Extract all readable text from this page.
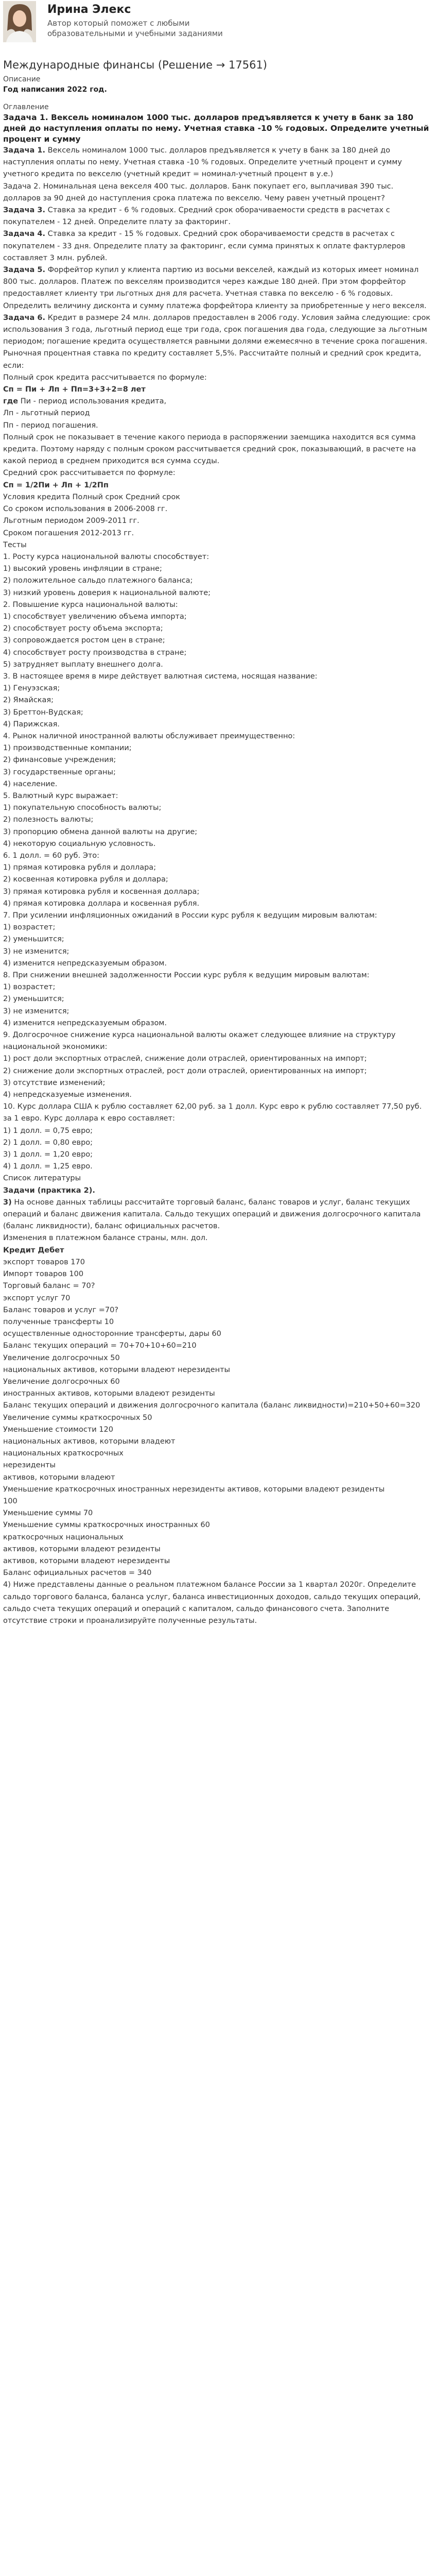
Ирина Элекс
Автор который поможет с любыми образовательными и учебными заданиями
Международные финансы (Решение → 17561)
Описание
Год написания 2022 год.
Оглавление
Задача 1. Вексель номиналом 1000 тыс. долларов предъявляется к учету в банк за 180 дней до наступления оплаты по нему. Учетная ставка -10 % годовых. Определите учетный процент и сумму

Задача 1. Вексель номиналом 1000 тыс. долларов предъявляется к учету в банк за 180 дней до наступления оплаты по нему. Учетная ставка -10 % годовых. Определите учетный процент и сумму учетного кредита по векселю (учетный кредит = номинал-учетный процент в у.е.)

Задача 2. Номинальная цена векселя 400 тыс. долларов. Банк покупает его, выплачивая 390 тыс. долларов за 90 дней до наступления срока платежа по векселю. Чему равен учетный процент?

Задача 3. Ставка за кредит - 6 % годовых. Средний срок оборачиваемости средств в расчетах с покупателем - 12 дней. Определите плату за факторинг.

Задача 4. Ставка за кредит - 15 % годовых. Средний срок оборачиваемости средств в расчетах с покупателем - 33 дня. Определите плату за факторинг, если сумма принятых к оплате фактурлеров составляет 3 млн. рублей.

Задача 5. Форфейтор купил у клиента партию из восьми векселей, каждый из которых имеет номинал 800 тыс. долларов. Платеж по векселям производится через каждые 180 дней. При этом форфейтор предоставляет клиенту три льготных дня для расчета. Учетная ставка по векселю - 6 % годовых. Определить величину дисконта и сумму платежа форфейтора клиенту за приобретенные у него векселя.

Задача 6. Кредит в размере 24 млн. долларов предоставлен в 2006 году. Условия займа следующие: срок использования 3 года, льготный период еще три года, срок погашения два года, следующие за льготным периодом; погашение кредита осуществляется равными долями ежемесячно в течение срока погашения. Рыночная процентная ставка по кредиту составляет 5,5%. Рассчитайте полный и средний срок кредита, если:

Полный срок кредита рассчитывается по формуле:

Сп = Пи + Лп + Пп=3+3+2=8 лет

где Пи - период использования кредита,

Лп - льготный период

Пп - период погашения.

Полный срок не показывает в течение какого периода в распоряжении заемщика находится вся сумма кредита. Поэтому наряду с полным сроком рассчитывается средний срок, показывающий, в расчете на какой период в среднем приходится вся сумма ссуды.

Средний срок рассчитывается по формуле:

Сп = 1/2Пи + Лп + 1/2Пп

Условия кредита Полный срок Средний срок

Со сроком использования в 2006-2008 гг.

Льготным периодом 2009-2011 гг.

Сроком погашения 2012-2013 гг.

Тесты

1. Росту курса национальной валюты способствует:

1) высокий уровень инфляции в стране;

2) положительное сальдо платежного баланса;

3) низкий уровень доверия к национальной валюте;

2. Повышение курса национальной валюты:

1) способствует увеличению объема импорта;

2) способствует росту объема экспорта;

3) сопровождается ростом цен в стране;

4) способствует росту производства в стране;

5) затрудняет выплату внешнего долга.

3. В настоящее время в мире действует валютная система, носящая название:

1) Генуэзская;

2) Ямайская;

3) Бреттон-Вудская;

4) Парижская.

4. Рынок наличной иностранной валюты обслуживает преимущественно:

1) производственные компании;

2) финансовые учреждения;

3) государственные органы;

4) население.

5. Валютный курс выражает:

1) покупательную способность валюты;

2) полезность валюты;

3) пропорцию обмена данной валюты на другие;

4) некоторую социальную условность.

6. 1 долл. = 60 руб. Это:

1) прямая котировка рубля и доллара;

2) косвенная котировка рубля и доллара;

3) прямая котировка рубля и косвенная доллара;

4) прямая котировка доллара и косвенная рубля.

7. При усилении инфляционных ожиданий в России курс рубля к ведущим мировым валютам:

1) возрастет;

2) уменьшится;

3) не изменится;

4) изменится непредсказуемым образом.

8. При снижении внешней задолженности России курс рубля к ведущим мировым валютам:

1) возрастет;

2) уменьшится;

3) не изменится;

4) изменится непредсказуемым образом.

9. Долгосрочное снижение курса национальной валюты окажет следующее влияние на структуру национальной экономики:

1) рост доли экспортных отраслей, снижение доли отраслей, ориентированных на импорт;

2) снижение доли экспортных отраслей, рост доли отраслей, ориентированных на импорт;

3) отсутствие изменений;

4) непредсказуемые изменения.

10. Курс доллара США к рублю составляет 62,00 руб. за 1 долл. Курс евро к рублю составляет 77,50 руб. за 1 евро. Курс доллара к евро составляет:

1) 1 долл. = 0,75 евро;

2) 1 долл. = 0,80 евро;

3) 1 долл. = 1,20 евро;

4) 1 долл. = 1,25 евро.

Список литературы

Задачи (практика 2).

3) На основе данных таблицы рассчитайте торговый баланс, баланс товаров и услуг, баланс текущих операций и баланс движения капитала. Сальдо текущих операций и движения долгосрочного капитала (баланс ликвидности), баланс официальных расчетов.

Изменения в платежном балансе страны, млн. дол.

Кредит Дебет

экспорт товаров 170

Импорт товаров 100

Торговый баланс = 70?

экспорт услуг 70

Баланс товаров и услуг =70?

полученные трансферты 10

осуществленные односторонние трансферты, дары 60

Баланс текущих операций = 70+70+10+60=210

Увеличение долгосрочных 50

национальных активов, которыми владеют нерезиденты

Увеличение долгосрочных 60

иностранных активов, которыми владеют резиденты

Баланс текущих операций и движения долгосрочного капитала (баланс ликвидности)=210+50+60=320

Увеличение суммы краткосрочных 50

Уменьшение стоимости 120

национальных активов, которыми владеют

национальных краткосрочных

нерезиденты

активов, которыми владеют

Уменьшение краткосрочных иностранных нерезиденты активов, которыми владеют резиденты

100

Уменьшение суммы 70

Уменьшение суммы краткосрочных иностранных 60

краткосрочных национальных

активов, которыми владеют резиденты

активов, которыми владеют нерезиденты

Баланс официальных расчетов = 340

4) Ниже представлены данные о реальном платежном балансе России за 1 квартал 2020г. Определите сальдо торгового баланса, баланса услуг, баланса инвестиционных доходов, сальдо текущих операций, сальдо счета текущих операций и операций с капиталом, сальдо финансового счета. Заполните отсутствие строки и проанализируйте полученные результаты.
